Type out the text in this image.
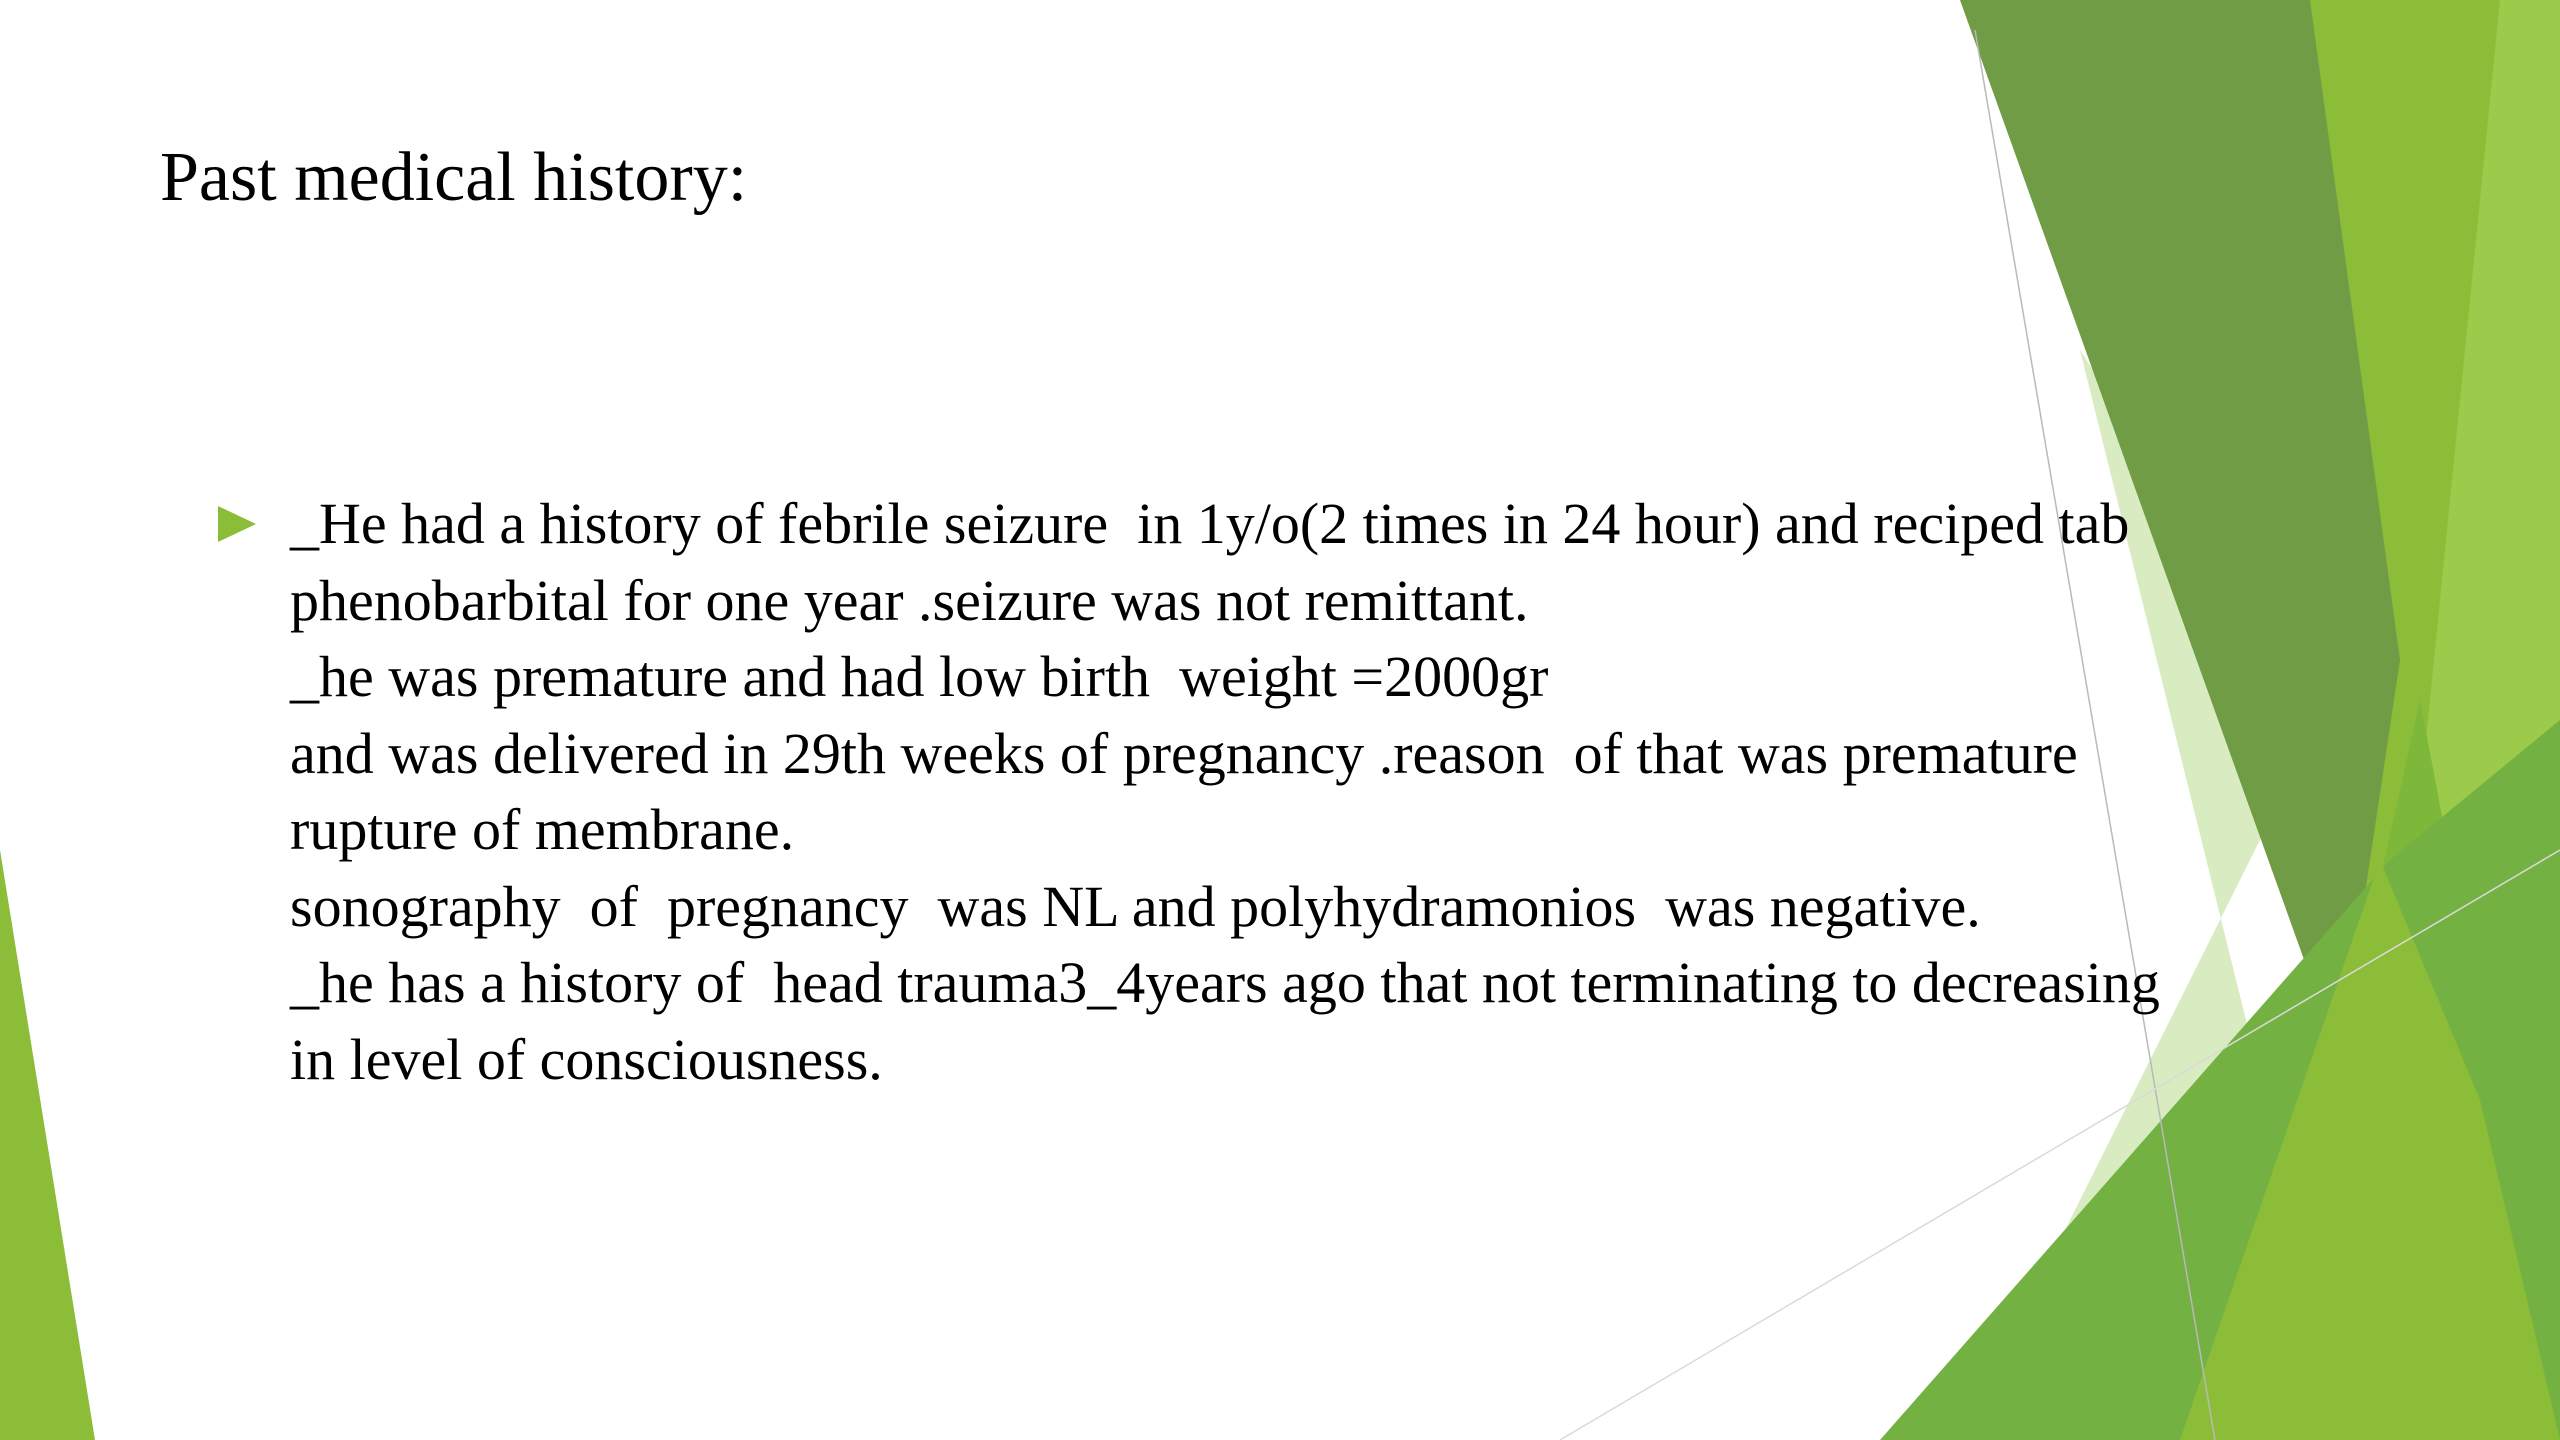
Past medical history:
_He had a history of febrile seizure  in 1y/o(2 times in 24 hour) and reciped tab
phenobarbital for one year .seizure was not remittant.
_he was premature and had low birth  weight =2000gr
and was delivered in 29th weeks of pregnancy .reason  of that was premature
rupture of membrane.
sonography  of  pregnancy  was NL and polyhydramonios  was negative.
_he has a history of  head trauma3_4years ago that not terminating to decreasing
in level of consciousness.
